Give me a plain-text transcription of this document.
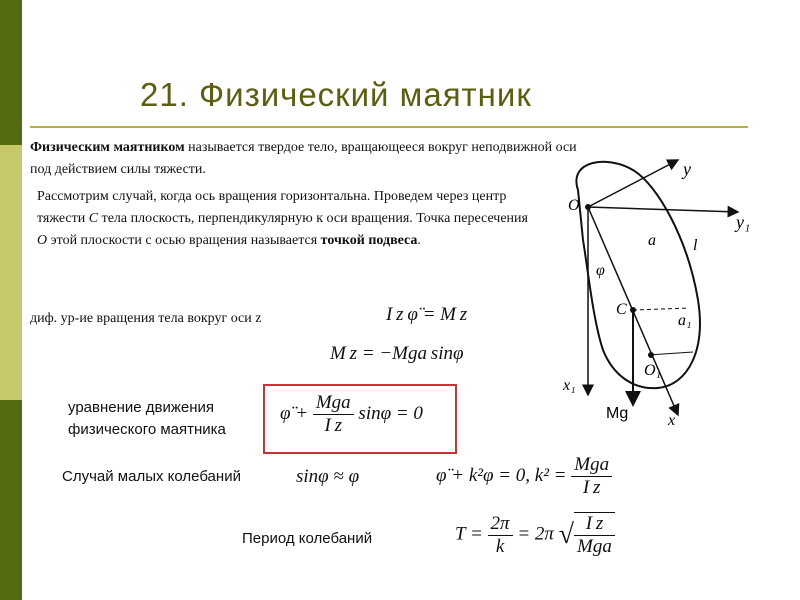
21. Физический маятник
Физическим маятником называется твердое тело, вращающееся вокруг неподвижной оси под действием силы тяжести.
Рассмотрим случай, когда ось вращения горизонтальна. Проведем через центр тяжести С тела плоскость, перпендикулярную к оси вращения. Точка пересечения О этой плоскости с осью вращения называется точкой подвеса.
диф. ур-ие вращения тела вокруг оси z	I z φ̈ = M z
M z = −Mga sinφ
уравнение движения физического маятника
φ̈ + $\frac{\text{Mga}}{\text{I z}}$ sinφ = 0
Случай малых колебаний	sinφ ≈ φ	φ̈ + k²φ = 0, $k^2 = \frac{\text{Mga}}{\text{I z}}$
Период колебаний	$T = \frac{2\pi}{k} = 2\pi$ √ $\frac{\text{I z}}{\text{Mga}}$
O
y
y₁
a l
φ
C
a₁
O₁
x₁
Mg x
